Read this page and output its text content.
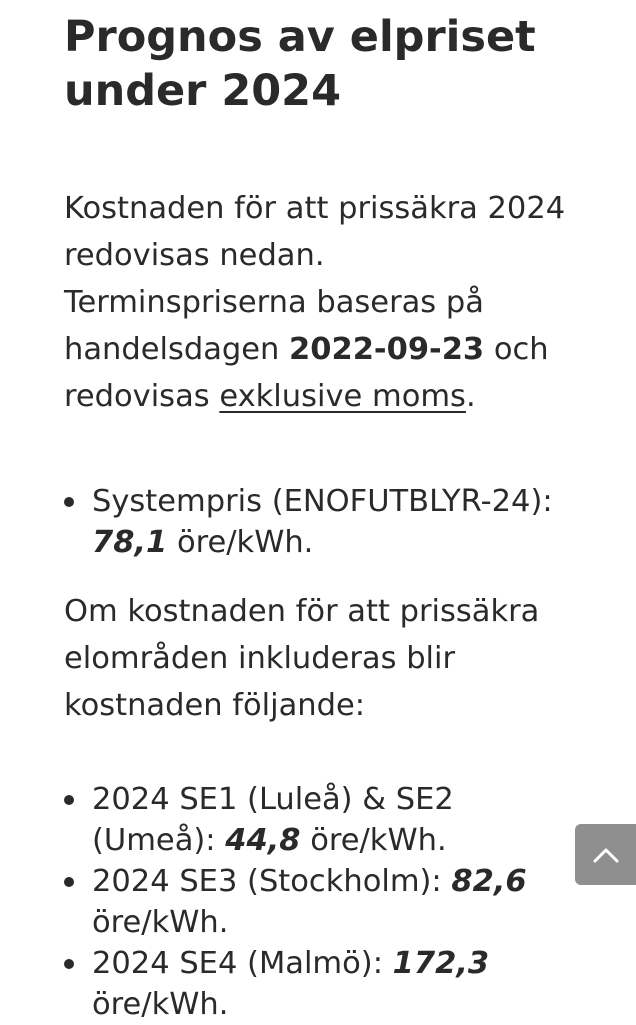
Prognos av elpriset under 2024

Kostnaden för att prissäkra 2024 redovisas nedan. Terminspriserna baseras på handelsdagen 2022-09-23 och redovisas exklusive moms.

Systempris (ENOFUTBLYR-24): 78,1 öre/kWh.

Om kostnaden för att prissäkra elområden inkluderas blir kostnaden följande:

2024 SE1 (Luleå) & SE2 (Umeå): 44,8 öre/kWh.
2024 SE3 (Stockholm): 82,6 öre/kWh.
2024 SE4 (Malmö): 172,3 öre/kWh.
